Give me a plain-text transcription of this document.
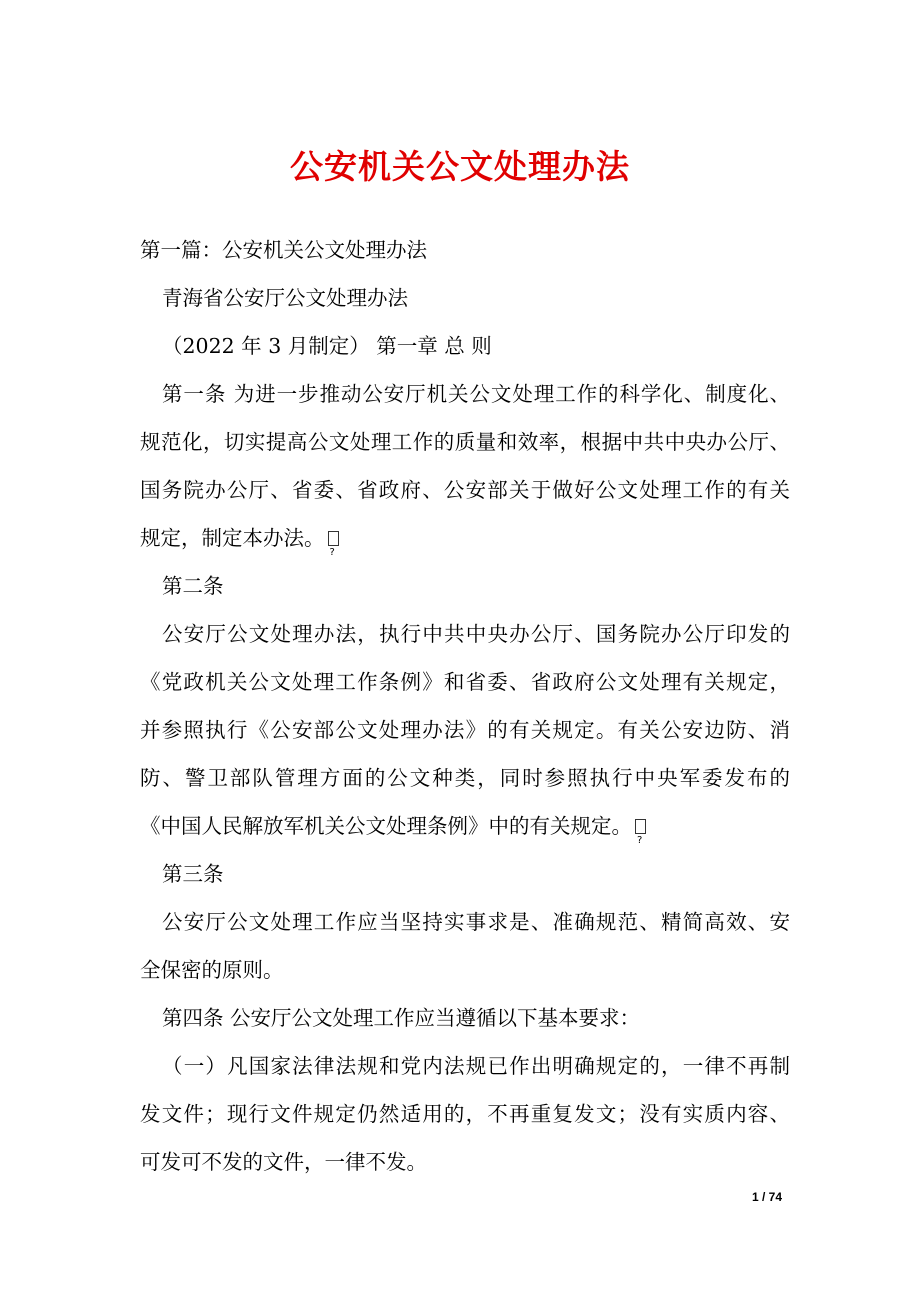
公安机关公文处理办法
第一篇：公安机关公文处理办法
青海省公安厅公文处理办法
（2022 年 3 月制定） 第一章 总 则
第一条 为进一步推动公安厅机关公文处理工作的科学化、制度化、
规范化，切实提高公文处理工作的质量和效率，根据中共中央办公厅、
国务院办公厅、省委、省政府、公安部关于做好公文处理工作的有关
规定，制定本办法。?
第二条
公安厅公文处理办法，执行中共中央办公厅、国务院办公厅印发的
《党政机关公文处理工作条例》和省委、省政府公文处理有关规定，
并参照执行《公安部公文处理办法》的有关规定。有关公安边防、消
防、警卫部队管理方面的公文种类，同时参照执行中央军委发布的
《中国人民解放军机关公文处理条例》中的有关规定。?
第三条
公安厅公文处理工作应当坚持实事求是、准确规范、精简高效、安
全保密的原则。
第四条 公安厅公文处理工作应当遵循以下基本要求：
（一）凡国家法律法规和党内法规已作出明确规定的，一律不再制
发文件；现行文件规定仍然适用的，不再重复发文；没有实质内容、
可发可不发的文件，一律不发。
1 / 74
